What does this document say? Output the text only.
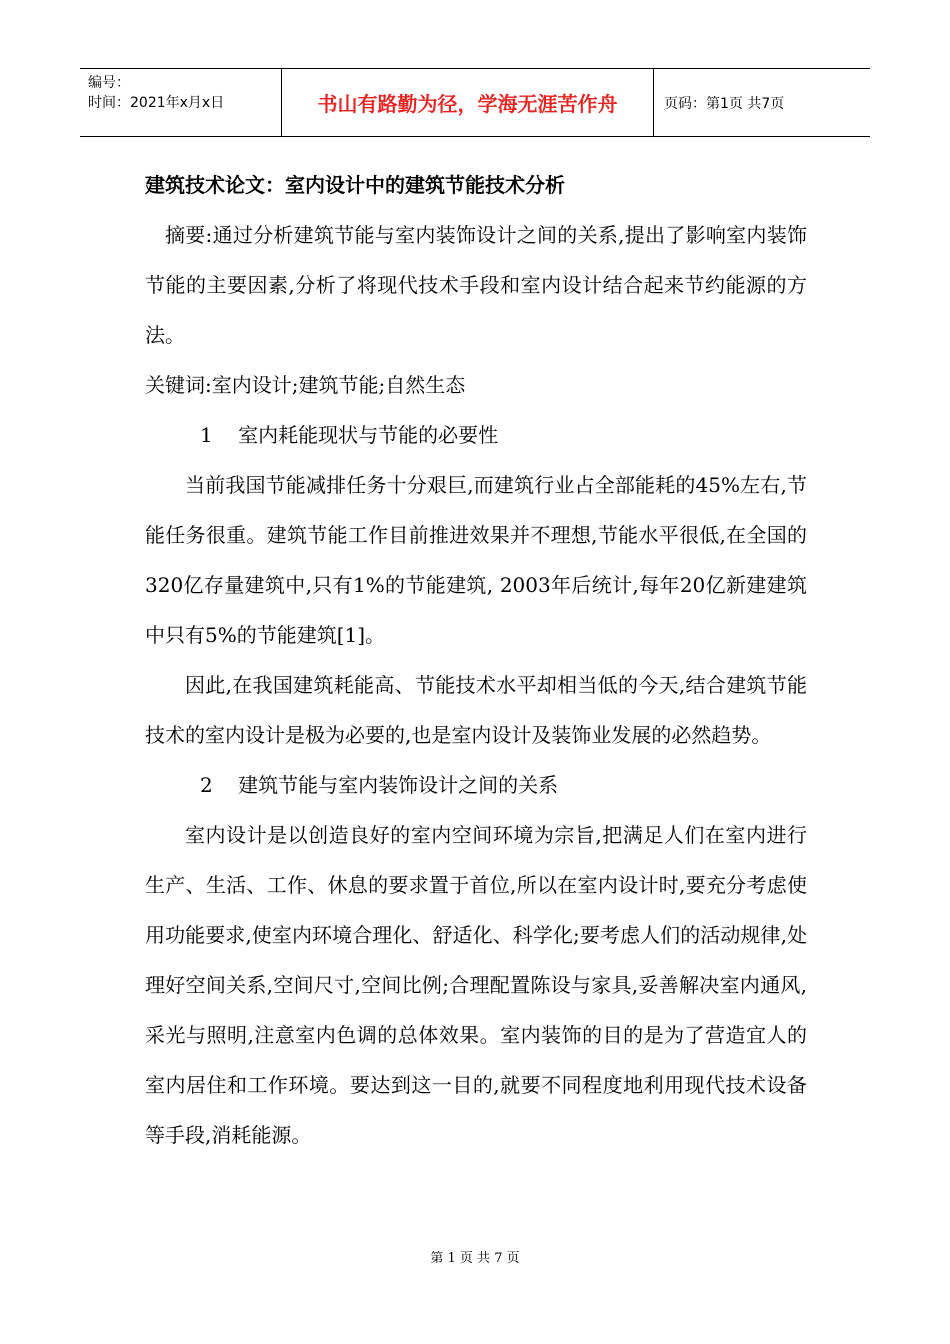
编号：
时间：2021年x月x日	书山有路勤为径，学海无涯苦作舟	页码：第1页 共7页

建筑技术论文：室内设计中的建筑节能技术分析

摘要:通过分析建筑节能与室内装饰设计之间的关系,提出了影响室内装饰节能的主要因素,分析了将现代技术手段和室内设计结合起来节约能源的方法。

关键词:室内设计;建筑节能;自然生态

1    室内耗能现状与节能的必要性

当前我国节能减排任务十分艰巨,而建筑行业占全部能耗的45%左右,节能任务很重。建筑节能工作目前推进效果并不理想,节能水平很低,在全国的320亿存量建筑中,只有1%的节能建筑, 2003年后统计,每年20亿新建建筑中只有5%的节能建筑[1]。

因此,在我国建筑耗能高、节能技术水平却相当低的今天,结合建筑节能技术的室内设计是极为必要的,也是室内设计及装饰业发展的必然趋势。

2    建筑节能与室内装饰设计之间的关系

室内设计是以创造良好的室内空间环境为宗旨,把满足人们在室内进行生产、生活、工作、休息的要求置于首位,所以在室内设计时,要充分考虑使用功能要求,使室内环境合理化、舒适化、科学化;要考虑人们的活动规律,处理好空间关系,空间尺寸,空间比例;合理配置陈设与家具,妥善解决室内通风,采光与照明,注意室内色调的总体效果。室内装饰的目的是为了营造宜人的室内居住和工作环境。要达到这一目的,就要不同程度地利用现代技术设备等手段,消耗能源。

第 1 页 共 7 页
